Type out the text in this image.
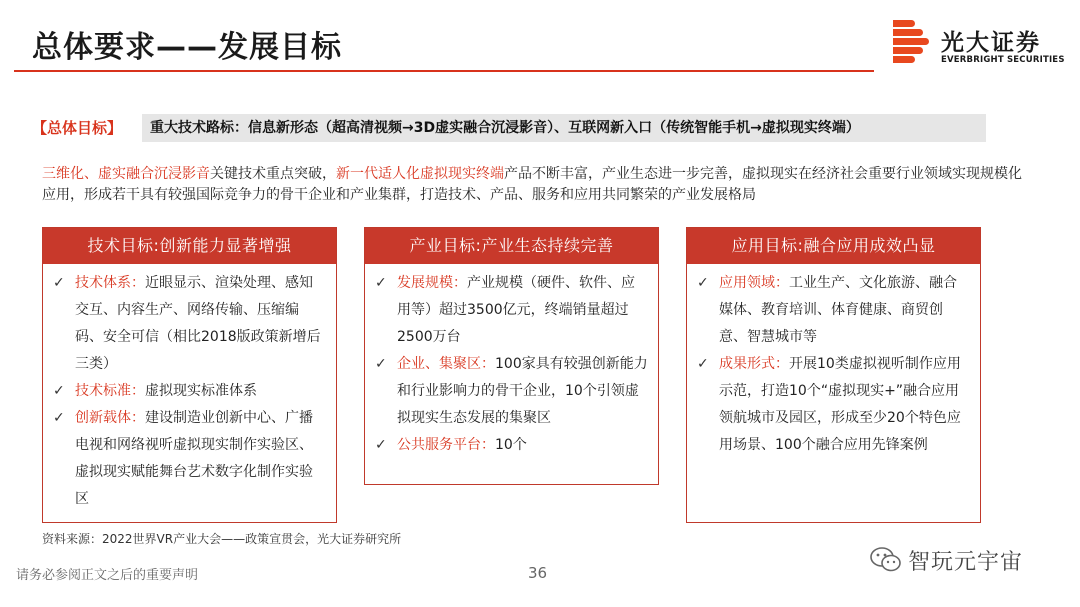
总体要求——发展目标	光大证券
EVERBRIGHT SECURITIES
【总体目标】	重大技术路标：信息新形态（超高清视频→3D虚实融合沉浸影音）、互联网新入口（传统智能手机→虚拟现实终端）
三维化、虚实融合沉浸影音关键技术重点突破，新一代适人化虚拟现实终端产品不断丰富，产业生态进一步完善，虚拟现实在经济社会重要行业领域实现规模化应用，形成若干具有较强国际竞争力的骨干企业和产业集群，打造技术、产品、服务和应用共同繁荣的产业发展格局
技术目标:创新能力显著增强
✓ 技术体系：近眼显示、渲染处理、感知交互、内容生产、网络传输、压缩编码、安全可信（相比2018版政策新增后三类）
✓ 技术标准：虚拟现实标准体系
✓ 创新载体：建设制造业创新中心、广播电视和网络视听虚拟现实制作实验区、虚拟现实赋能舞台艺术数字化制作实验区
产业目标:产业生态持续完善
✓ 发展规模：产业规模（硬件、软件、应用等）超过3500亿元，终端销量超过2500万台
✓ 企业、集聚区：100家具有较强创新能力和行业影响力的骨干企业，10个引领虚拟现实生态发展的集聚区
✓ 公共服务平台：10个
应用目标:融合应用成效凸显
✓ 应用领域：工业生产、文化旅游、融合媒体、教育培训、体育健康、商贸创意、智慧城市等
✓ 成果形式：开展10类虚拟视听制作应用示范，打造10个“虚拟现实+”融合应用领航城市及园区，形成至少20个特色应用场景、100个融合应用先锋案例
资料来源：2022世界VR产业大会——政策宣贯会，光大证券研究所
请务必参阅正文之后的重要声明	36	智玩元宇宙
